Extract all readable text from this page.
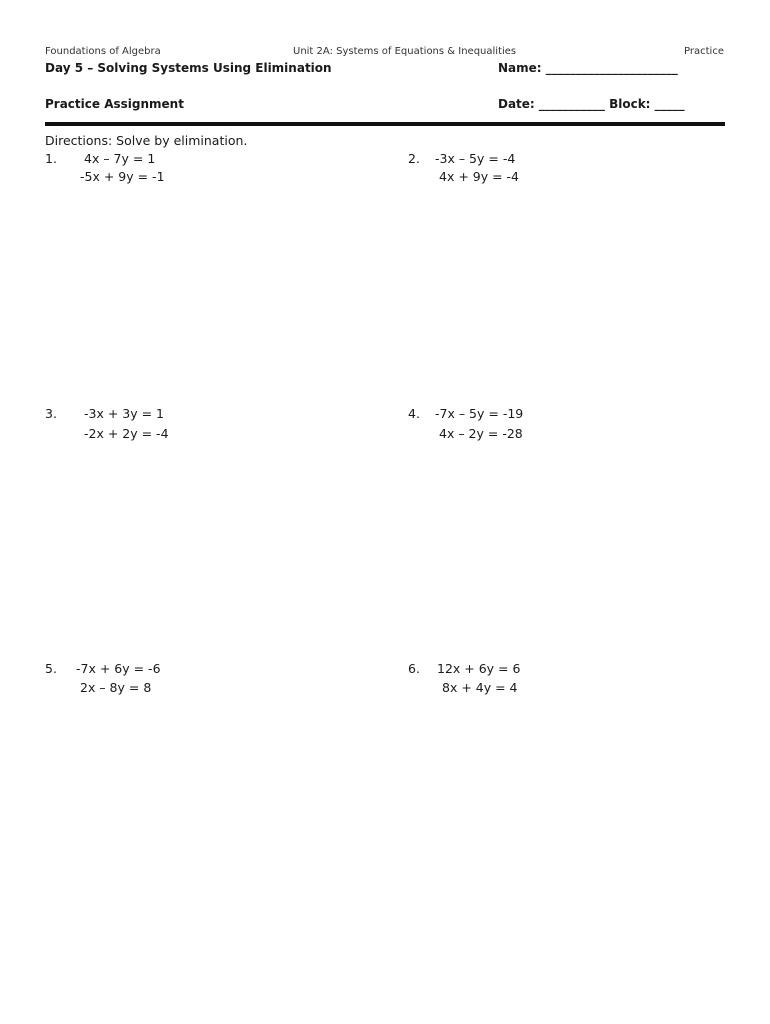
Foundations of Algebra	Unit 2A: Systems of Equations & Inequalities	Practice
Day 5 – Solving Systems Using Elimination	Name: ______________________
Practice Assignment	Date: ___________ Block: _____
Directions: Solve by elimination.
1. 4x – 7y = 1
-5x + 9y = -1
2. -3x – 5y = -4
4x + 9y = -4
3. -3x + 3y = 1
-2x + 2y = -4
4. -7x – 5y = -19
4x – 2y = -28
5. -7x + 6y = -6
2x – 8y = 8
6. 12x + 6y = 6
8x + 4y = 4
